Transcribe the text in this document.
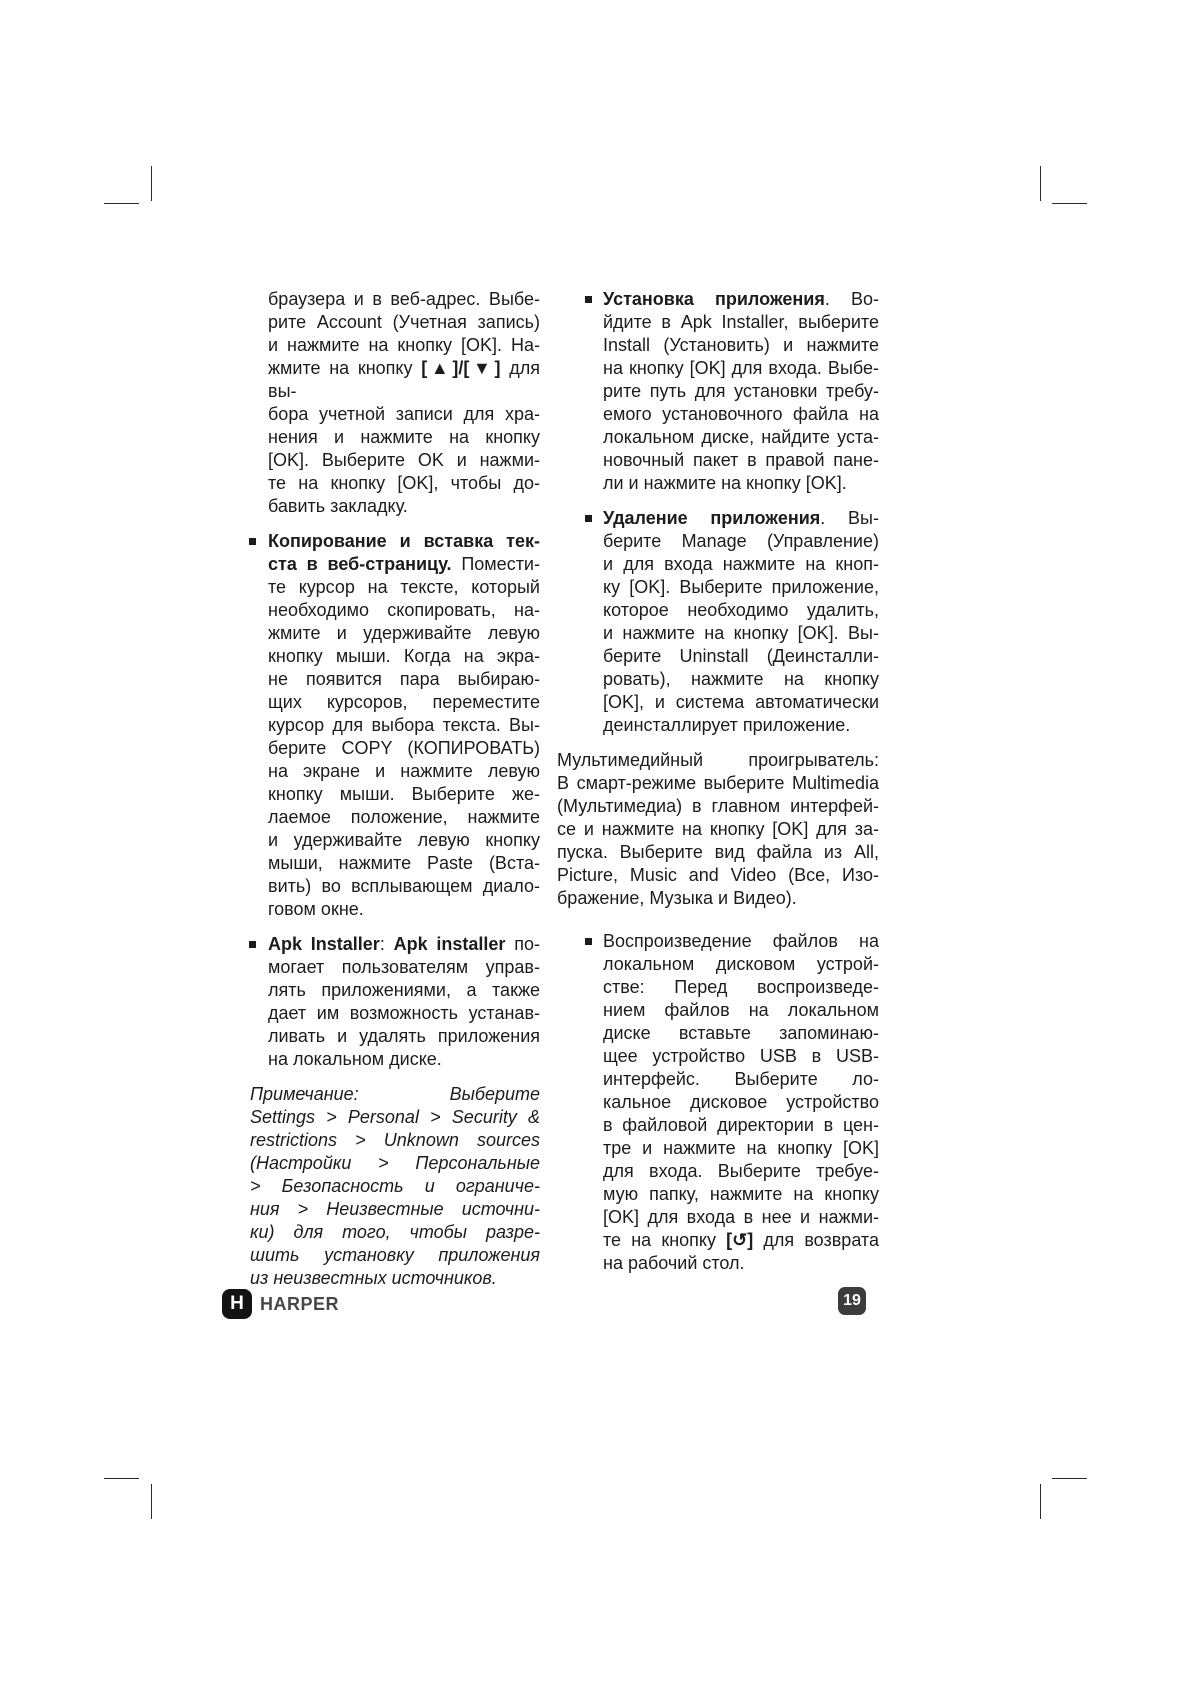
браузера и в веб-адрес. Выбе-
рите Account (Учетная запись)
и нажмите на кнопку [OK]. На-
жмите на кнопку [▲]/[▼] для вы-
бора учетной записи для хра-
нения и нажмите на кнопку
[OK]. Выберите OK и нажми-
те на кнопку [OK], чтобы до-
бавить закладку.
Копирование и вставка тек-
ста в веб-страницу. Помести-
те курсор на тексте, который
необходимо скопировать, на-
жмите и удерживайте левую
кнопку мыши. Когда на экра-
не появится пара выбираю-
щих курсоров, переместите
курсор для выбора текста. Вы-
берите COPY (КОПИРОВАТЬ)
на экране и нажмите левую
кнопку мыши. Выберите же-
лаемое положение, нажмите
и удерживайте левую кнопку
мыши, нажмите Paste (Вста-
вить) во всплывающем диало-
говом окне.
Apk Installer: Apk installer по-
могает пользователям управ-
лять приложениями, а также
дает им возможность устанав-
ливать и удалять приложения
на локальном диске.
Примечание: Выберите
Settings > Personal > Security &
restrictions > Unknown sources
(Настройки > Персональные
> Безопасность и ограниче-
ния > Неизвестные источни-
ки) для того, чтобы разре-
шить установку приложения
из неизвестных источников.
Установка приложения. Во-
йдите в Apk Installer, выберите
Install (Установить) и нажмите
на кнопку [OK] для входа. Выбе-
рите путь для установки требу-
емого установочного файла на
локальном диске, найдите уста-
новочный пакет в правой пане-
ли и нажмите на кнопку [OK].
Удаление приложения. Вы-
берите Manage (Управление)
и для входа нажмите на кноп-
ку [OK]. Выберите приложение,
которое необходимо удалить,
и нажмите на кнопку [OK]. Вы-
берите Uninstall (Деинсталли-
ровать), нажмите на кнопку
[OK], и система автоматически
деинсталлирует приложение.
Мультимедийный проигрыватель:
В смарт-режиме выберите Multimedia
(Мультимедиа) в главном интерфей-
се и нажмите на кнопку [OK] для за-
пуска. Выберите вид файла из All,
Picture, Music and Video (Все, Изо-
бражение, Музыка и Видео).
Воспроизведение файлов на
локальном дисковом устрой-
стве: Перед воспроизведе-
нием файлов на локальном
диске вставьте запоминаю-
щее устройство USB в USB-
интерфейс. Выберите ло-
кальное дисковое устройство
в файловой директории в цен-
тре и нажмите на кнопку [OK]
для входа. Выберите требуе-
мую папку, нажмите на кнопку
[OK] для входа в нее и нажми-
те на кнопку [↺] для возврата
на рабочий стол.
H HARPER	19
